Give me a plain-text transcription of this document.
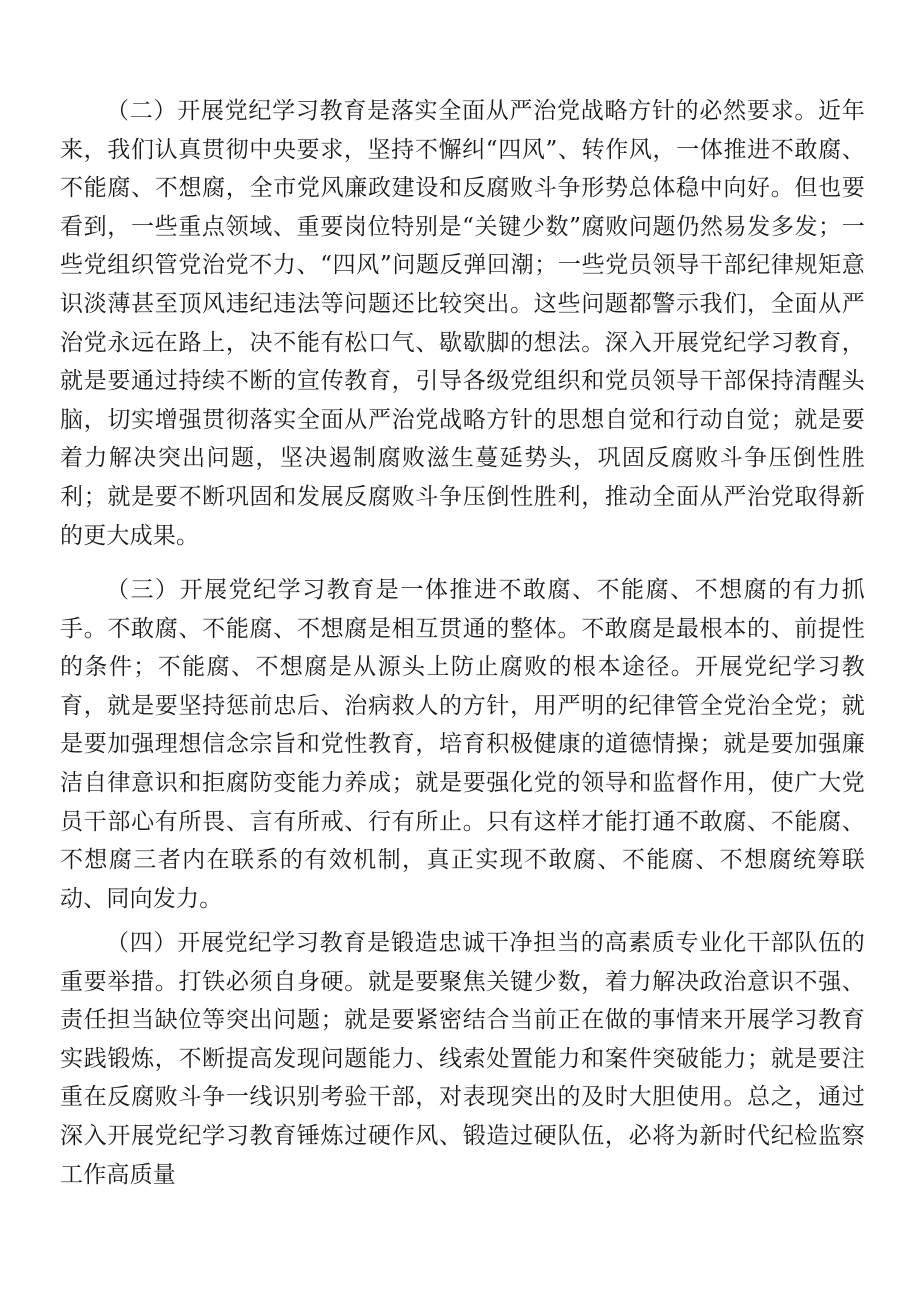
（二）开展党纪学习教育是落实全面从严治党战略方针的必然要求。近年来，我们认真贯彻中央要求，坚持不懈纠“四风”、转作风，一体推进不敢腐、不能腐、不想腐，全市党风廉政建设和反腐败斗争形势总体稳中向好。但也要看到，一些重点领域、重要岗位特别是“关键少数”腐败问题仍然易发多发；一些党组织管党治党不力、“四风”问题反弹回潮；一些党员领导干部纪律规矩意识淡薄甚至顶风违纪违法等问题还比较突出。这些问题都警示我们，全面从严治党永远在路上，决不能有松口气、歇歇脚的想法。深入开展党纪学习教育，就是要通过持续不断的宣传教育，引导各级党组织和党员领导干部保持清醒头脑，切实增强贯彻落实全面从严治党战略方针的思想自觉和行动自觉；就是要着力解决突出问题，坚决遏制腐败滋生蔓延势头，巩固反腐败斗争压倒性胜利；就是要不断巩固和发展反腐败斗争压倒性胜利，推动全面从严治党取得新的更大成果。

（三）开展党纪学习教育是一体推进不敢腐、不能腐、不想腐的有力抓手。不敢腐、不能腐、不想腐是相互贯通的整体。不敢腐是最根本的、前提性的条件；不能腐、不想腐是从源头上防止腐败的根本途径。开展党纪学习教育，就是要坚持惩前忠后、治病救人的方针，用严明的纪律管全党治全党；就是要加强理想信念宗旨和党性教育，培育积极健康的道德情操；就是要加强廉洁自律意识和拒腐防变能力养成；就是要强化党的领导和监督作用，使广大党员干部心有所畏、言有所戒、行有所止。只有这样才能打通不敢腐、不能腐、不想腐三者内在联系的有效机制，真正实现不敢腐、不能腐、不想腐统筹联动、同向发力。

（四）开展党纪学习教育是锻造忠诚干净担当的高素质专业化干部队伍的重要举措。打铁必须自身硬。就是要聚焦关键少数，着力解决政治意识不强、责任担当缺位等突出问题；就是要紧密结合当前正在做的事情来开展学习教育实践锻炼，不断提高发现问题能力、线索处置能力和案件突破能力；就是要注重在反腐败斗争一线识别考验干部，对表现突出的及时大胆使用。总之，通过深入开展党纪学习教育锤炼过硬作风、锻造过硬队伍，必将为新时代纪检监察工作高质量
